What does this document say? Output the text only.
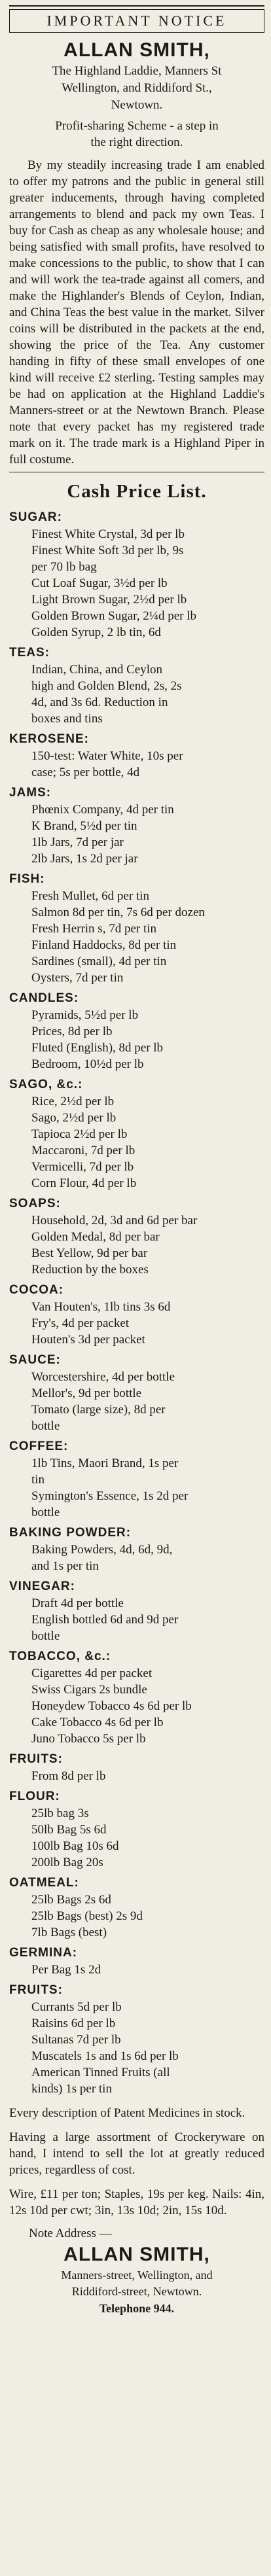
IMPORTANT NOTICE
ALLAN SMITH,
The Highland Laddie, Manners St
Wellington, and Riddiford St.,
Newtown.
Profit-sharing Scheme - a step in
the right direction.
By my steadily increasing trade I am enabled to offer my patrons and the public in general still greater inducements, through having completed arrangements to blend and pack my own Teas. I buy for Cash as cheap as any wholesale house; and being satisfied with small profits, have resolved to make concessions to the public, to show that I can and will work the tea-trade against all comers, and make the Highlander's Blends of Ceylon, Indian, and China Teas the best value in the market. Silver coins will be distributed in the packets at the end, showing the price of the Tea. Any customer handing in fifty of these small envelopes of one kind will receive £2 sterling. Testing samples may be had on application at the Highland Laddie's Manners-street or at the Newtown Branch. Please note that every packet has my registered trade mark on it. The trade mark is a Highland Piper in full costume.
Cash Price List.
SUGAR:
Finest White Crystal, 3d per lb
Finest White Soft 3d per lb, 9s
per 70 lb bag
Cut Loaf Sugar, 3½d per lb
Light Brown Sugar, 2½d per lb
Golden Brown Sugar, 2¼d per lb
Golden Syrup, 2 lb tin, 6d
TEAS:
Indian, China, and Ceylon
high and Golden Blend, 2s, 2s
4d, and 3s 6d. Reduction in
boxes and tins
KEROSENE:
150-test: Water White, 10s per
case; 5s per bottle, 4d
JAMS:
Phœnix Company, 4d per tin
K Brand, 5½d per tin
1lb Jars, 7d per jar
2lb Jars, 1s 2d per jar
FISH:
Fresh Mullet, 6d per tin
Salmon 8d per tin, 7s 6d per dozen
Fresh Herrin s, 7d per tin
Finland Haddocks, 8d per tin
Sardines (small), 4d per tin
Oysters, 7d per tin
CANDLES:
Pyramids, 5½d per lb
Prices, 8d per lb
Fluted (English), 8d per lb
Bedroom, 10½d per lb
SAGO, &c.:
Rice, 2½d per lb
Sago, 2½d per lb
Tapioca 2½d per lb
Maccaroni, 7d per lb
Vermicelli, 7d per lb
Corn Flour, 4d per lb
SOAPS:
Household, 2d, 3d and 6d per bar
Golden Medal, 8d per bar
Best Yellow, 9d per bar
Reduction by the boxes
COCOA:
Van Houten's, 1lb tins 3s 6d
Fry's, 4d per packet
Houten's 3d per packet
SAUCE:
Worcestershire, 4d per bottle
Mellor's, 9d per bottle
Tomato (large size), 8d per
bottle
COFFEE:
1lb Tins, Maori Brand, 1s per
tin
Symington's Essence, 1s 2d per
bottle
BAKING POWDER:
Baking Powders, 4d, 6d, 9d,
and 1s per tin
VINEGAR:
Draft 4d per bottle
English bottled 6d and 9d per
bottle
TOBACCO, &c.:
Cigarettes 4d per packet
Swiss Cigars 2s bundle
Honeydew Tobacco 4s 6d per lb
Cake Tobacco 4s 6d per lb
Juno Tobacco 5s per lb
FRUITS:
From 8d per lb
FLOUR:
25lb bag 3s
50lb Bag 5s 6d
100lb Bag 10s 6d
200lb Bag 20s
OATMEAL:
25lb Bags 2s 6d
25lb Bags (best) 2s 9d
7lb Bags (best)
GERMINA:
Per Bag 1s 2d
FRUITS:
Currants 5d per lb
Raisins 6d per lb
Sultanas 7d per lb
Muscatels 1s and 1s 6d per lb
American Tinned Fruits (all
kinds) 1s per tin
Every description of Patent Medicines in stock.
Having a large assortment of Crockeryware on hand, I intend to sell the lot at greatly reduced prices, regardless of cost.
Wire, £11 per ton; Staples, 19s per keg. Nails: 4in, 12s 10d per cwt; 3in, 13s 10d; 2in, 15s 10d.
Note Address —
ALLAN SMITH,
Manners-street, Wellington, and
Riddiford-street, Newtown.
Telephone 944.
